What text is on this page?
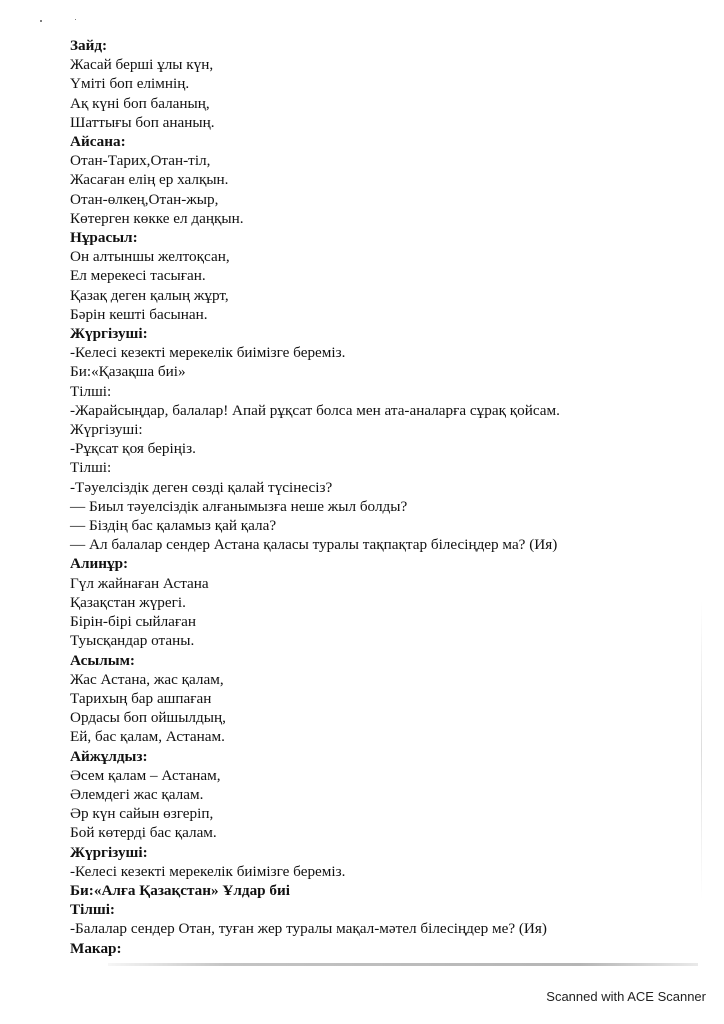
Зайд:
Жасай берші ұлы күн,
Үміті боп елімнің.
Ақ күні боп баланың,
Шаттығы боп ананың.
Айсана:
Отан-Тарих,Отан-тіл,
Жасаған елің ер халқын.
Отан-өлкең,Отан-жыр,
Көтерген көкке ел даңқын.
Нұрасыл:
Он алтыншы желтоқсан,
Ел мерекесі тасыған.
Қазақ деген қалың жұрт,
Бәрін кешті басынан.
Жүргізуші:
-Келесі кезекті мерекелік биімізге береміз.
Би:«Қазақша биі»
Тілші:
-Жарайсыңдар, балалар! Апай рұқсат болса мен ата-аналарға сұрақ қойсам.
Жүргізуші:
-Рұқсат қоя беріңіз.
Тілші:
-Тәуелсіздік деген сөзді қалай түсінесіз?
— Биыл тәуелсіздік алғанымызға неше жыл болды?
— Біздің бас қаламыз қай қала?
— Ал балалар сендер Астана қаласы туралы тақпақтар білесіңдер ма? (Ия)
Алинұр:
Гүл жайнаған Астана
Қазақстан жүрегі.
Бірін-бірі сыйлаған
Туысқандар отаны.
Асылым:
Жас Астана, жас қалам,
Тарихың бар ашпаған
Ордасы боп ойшылдың,
Ей, бас қалам, Астанам.
Айжұлдыз:
Әсем қалам – Астанам,
Әлемдегі жас қалам.
Әр күн сайын өзгеріп,
Бой көтерді бас қалам.
Жүргізуші:
-Келесі кезекті мерекелік биімізге береміз.
Би:«Алға Қазақстан» Ұлдар биі
Тілші:
-Балалар сендер Отан, туған жер туралы мақал-мәтел білесіңдер ме? (Ия)
Макар:
Scanned with ACE Scanner
